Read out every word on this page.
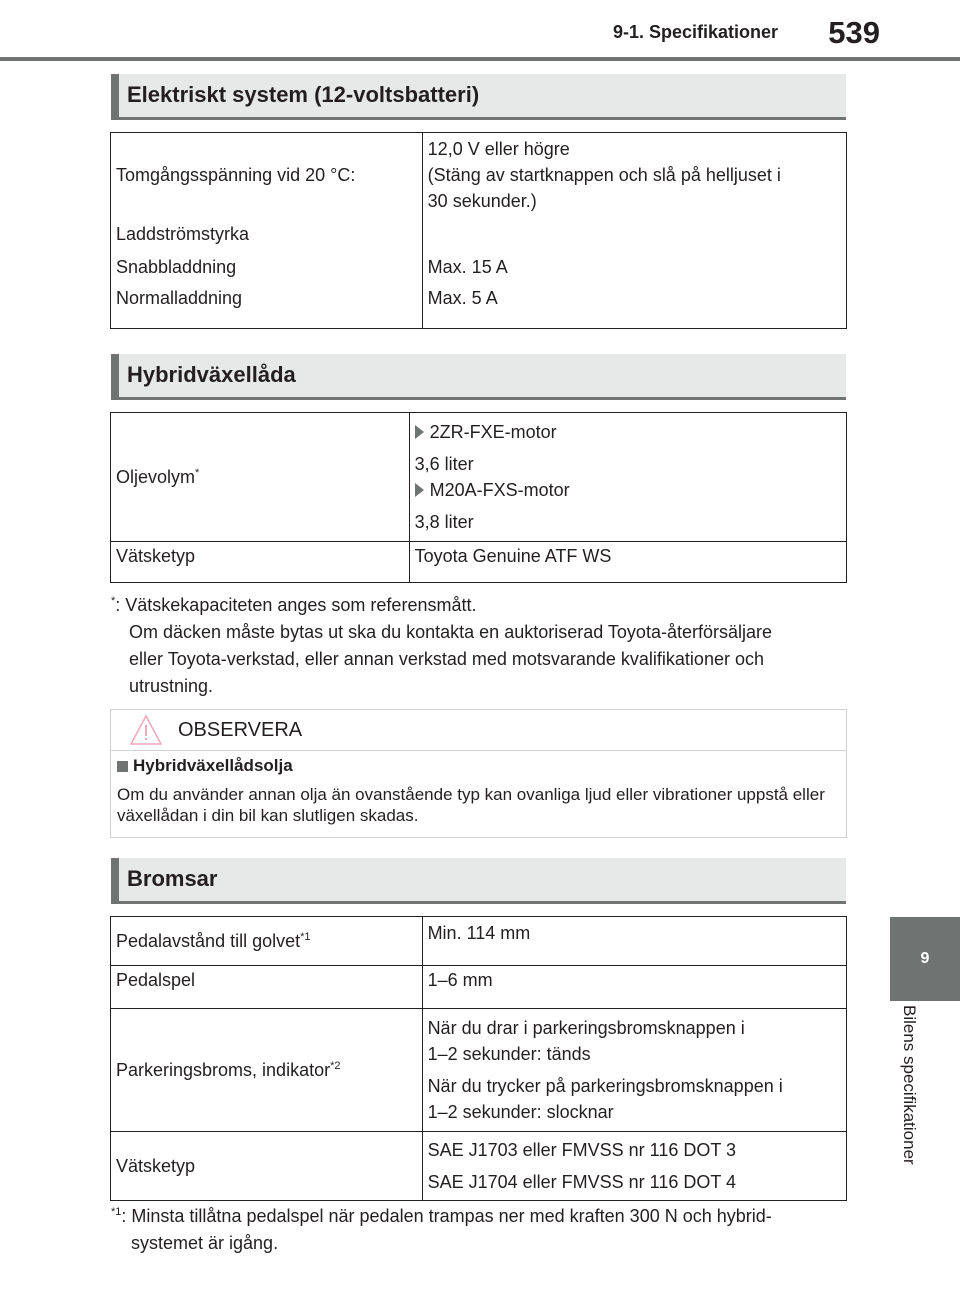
9-1. Specifikationer 539
9
Bilens specifikationer
Elektriskt system (12-voltsbatteri)
Tomgångsspänning vid 20 °C:	12,0 V eller högre
(Stäng av startknappen och slå på helljuset i
30 sekunder.)

Laddströmstyrka	
Snabbladdning	Max. 15 A
Normalladdning	Max. 5 A
Hybridväxellåda
Oljevolym*	2ZR-FXE-motor
3,6 liter
M20A-FXS-motor
3,8 liter

Vätsketyp	Toyota Genuine ATF WS
*: Vätskekapaciteten anges som referensmått.
Om däcken måste bytas ut ska du kontakta en auktoriserad Toyota-återförsäljare
eller Toyota-verkstad, eller annan verkstad med motsvarande kvalifikationer och
utrustning.
OBSERVERA
Hybridväxellådsolja
Om du använder annan olja än ovanstående typ kan ovanliga ljud eller vibrationer uppstå eller växellådan i din bil kan slutligen skadas.
Bromsar
Pedalavstånd till golvet$^{*1}$	Min. 114 mm
Pedalspel	1–6 mm
Parkeringsbroms, indikator$^{*2}$	När du drar i parkeringsbromsknappen i
1–2 sekunder: tänds
När du trycker på parkeringsbromsknappen i
1–2 sekunder: slocknar

Vätsketyp	SAE J1703 eller FMVSS nr 116 DOT 3
SAE J1704 eller FMVSS nr 116 DOT 4
$^{*1}$: Minsta tillåtna pedalspel när pedalen trampas ner med kraften 300 N och hybrid-
systemet är igång.
